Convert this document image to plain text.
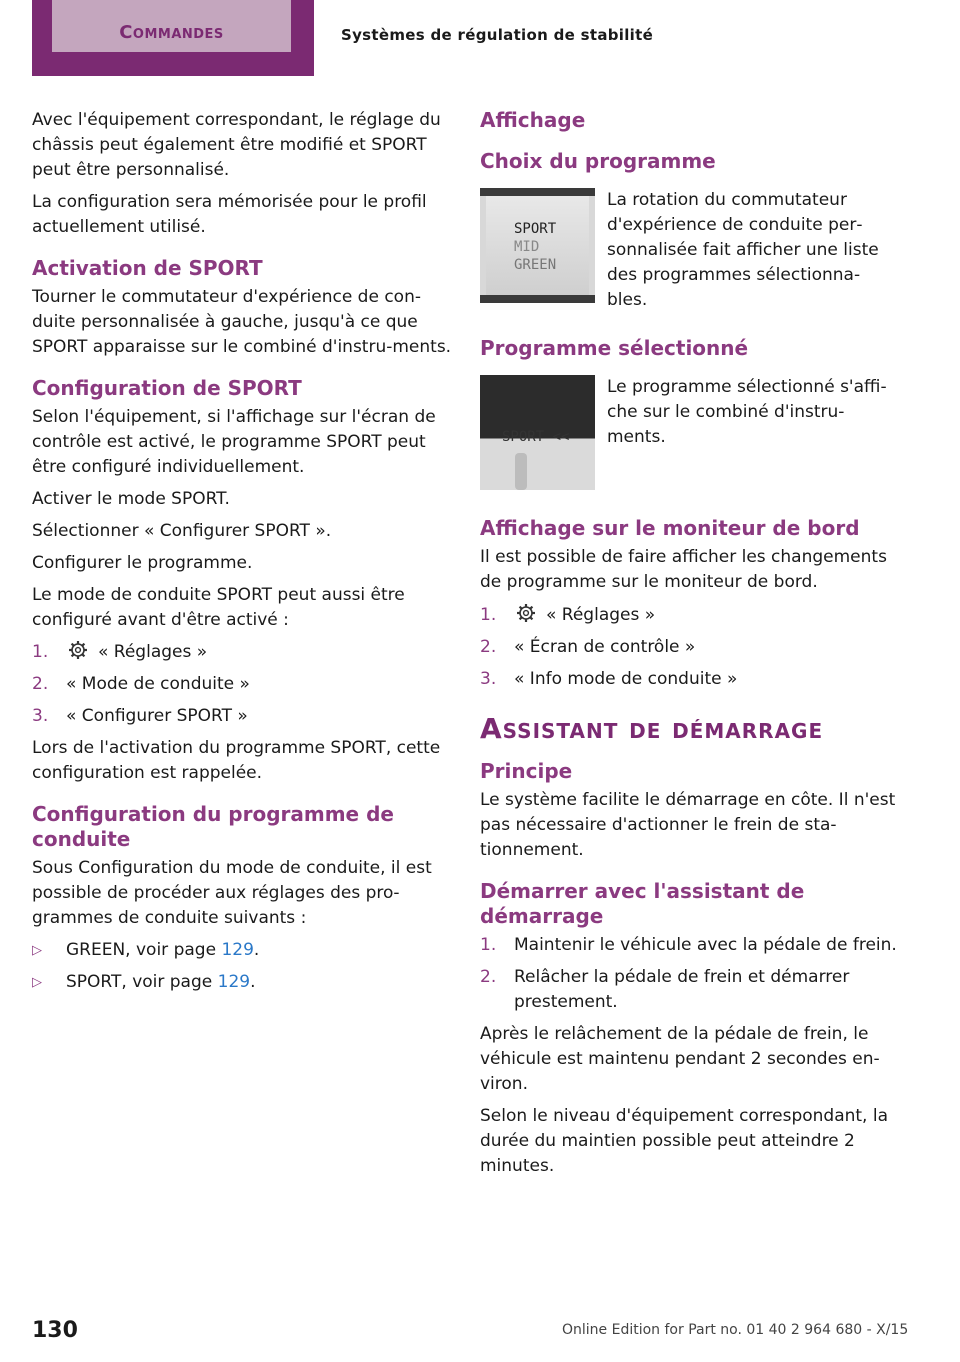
Commandes	Systèmes de régulation de stabilité

Avec l'équipement correspondant, le réglage du châssis peut également être modifié et SPORT peut être personnalisé.

La configuration sera mémorisée pour le profil actuellement utilisé.

Activation de SPORT

Tourner le commutateur d'expérience de con‐duite personnalisée à gauche, jusqu'à ce que SPORT apparaisse sur le combiné d'instru‐ments.

Configuration de SPORT

Selon l'équipement, si l'affichage sur l'écran de contrôle est activé, le programme SPORT peut être configuré individuellement.

Activer le mode SPORT.

Sélectionner « Configurer SPORT ».

Configurer le programme.

Le mode de conduite SPORT peut aussi être configuré avant d'être activé :

1.	« Réglages »
2.	« Mode de conduite »
3.	« Configurer SPORT »

Lors de l'activation du programme SPORT, cette configuration est rappelée.

Configuration du programme de conduite

Sous Configuration du mode de conduite, il est possible de procéder aux réglages des pro‐grammes de conduite suivants :

▷	GREEN, voir page 129.
▷	SPORT, voir page 129.
Affichage
Choix du programme
SPORT
MID
GREEN

La rotation du commutateur d'expérience de conduite per‐sonnalisée fait afficher une liste des programmes sélectionna‐bles.

Programme sélectionné
SPORT <<

Le programme sélectionné s'affi‐che sur le combiné d'instru‐ments.

Affichage sur le moniteur de bord

Il est possible de faire afficher les changements de programme sur le moniteur de bord.

1.	« Réglages »
2.	« Écran de contrôle »
3.	« Info mode de conduite »
Assistant de démarrage
Principe

Le système facilite le démarrage en côte. Il n'est pas nécessaire d'actionner le frein de sta‐tionnement.

Démarrer avec l'assistant de démarrage
1.	Maintenir le véhicule avec la pédale de frein.
2.	Relâcher la pédale de frein et démarrer prestement.

Après le relâchement de la pédale de frein, le véhicule est maintenu pendant 2 secondes en‐viron.

Selon le niveau d'équipement correspondant, la durée du maintien possible peut atteindre 2 minutes.

130	Online Edition for Part no. 01 40 2 964 680 - X/15
